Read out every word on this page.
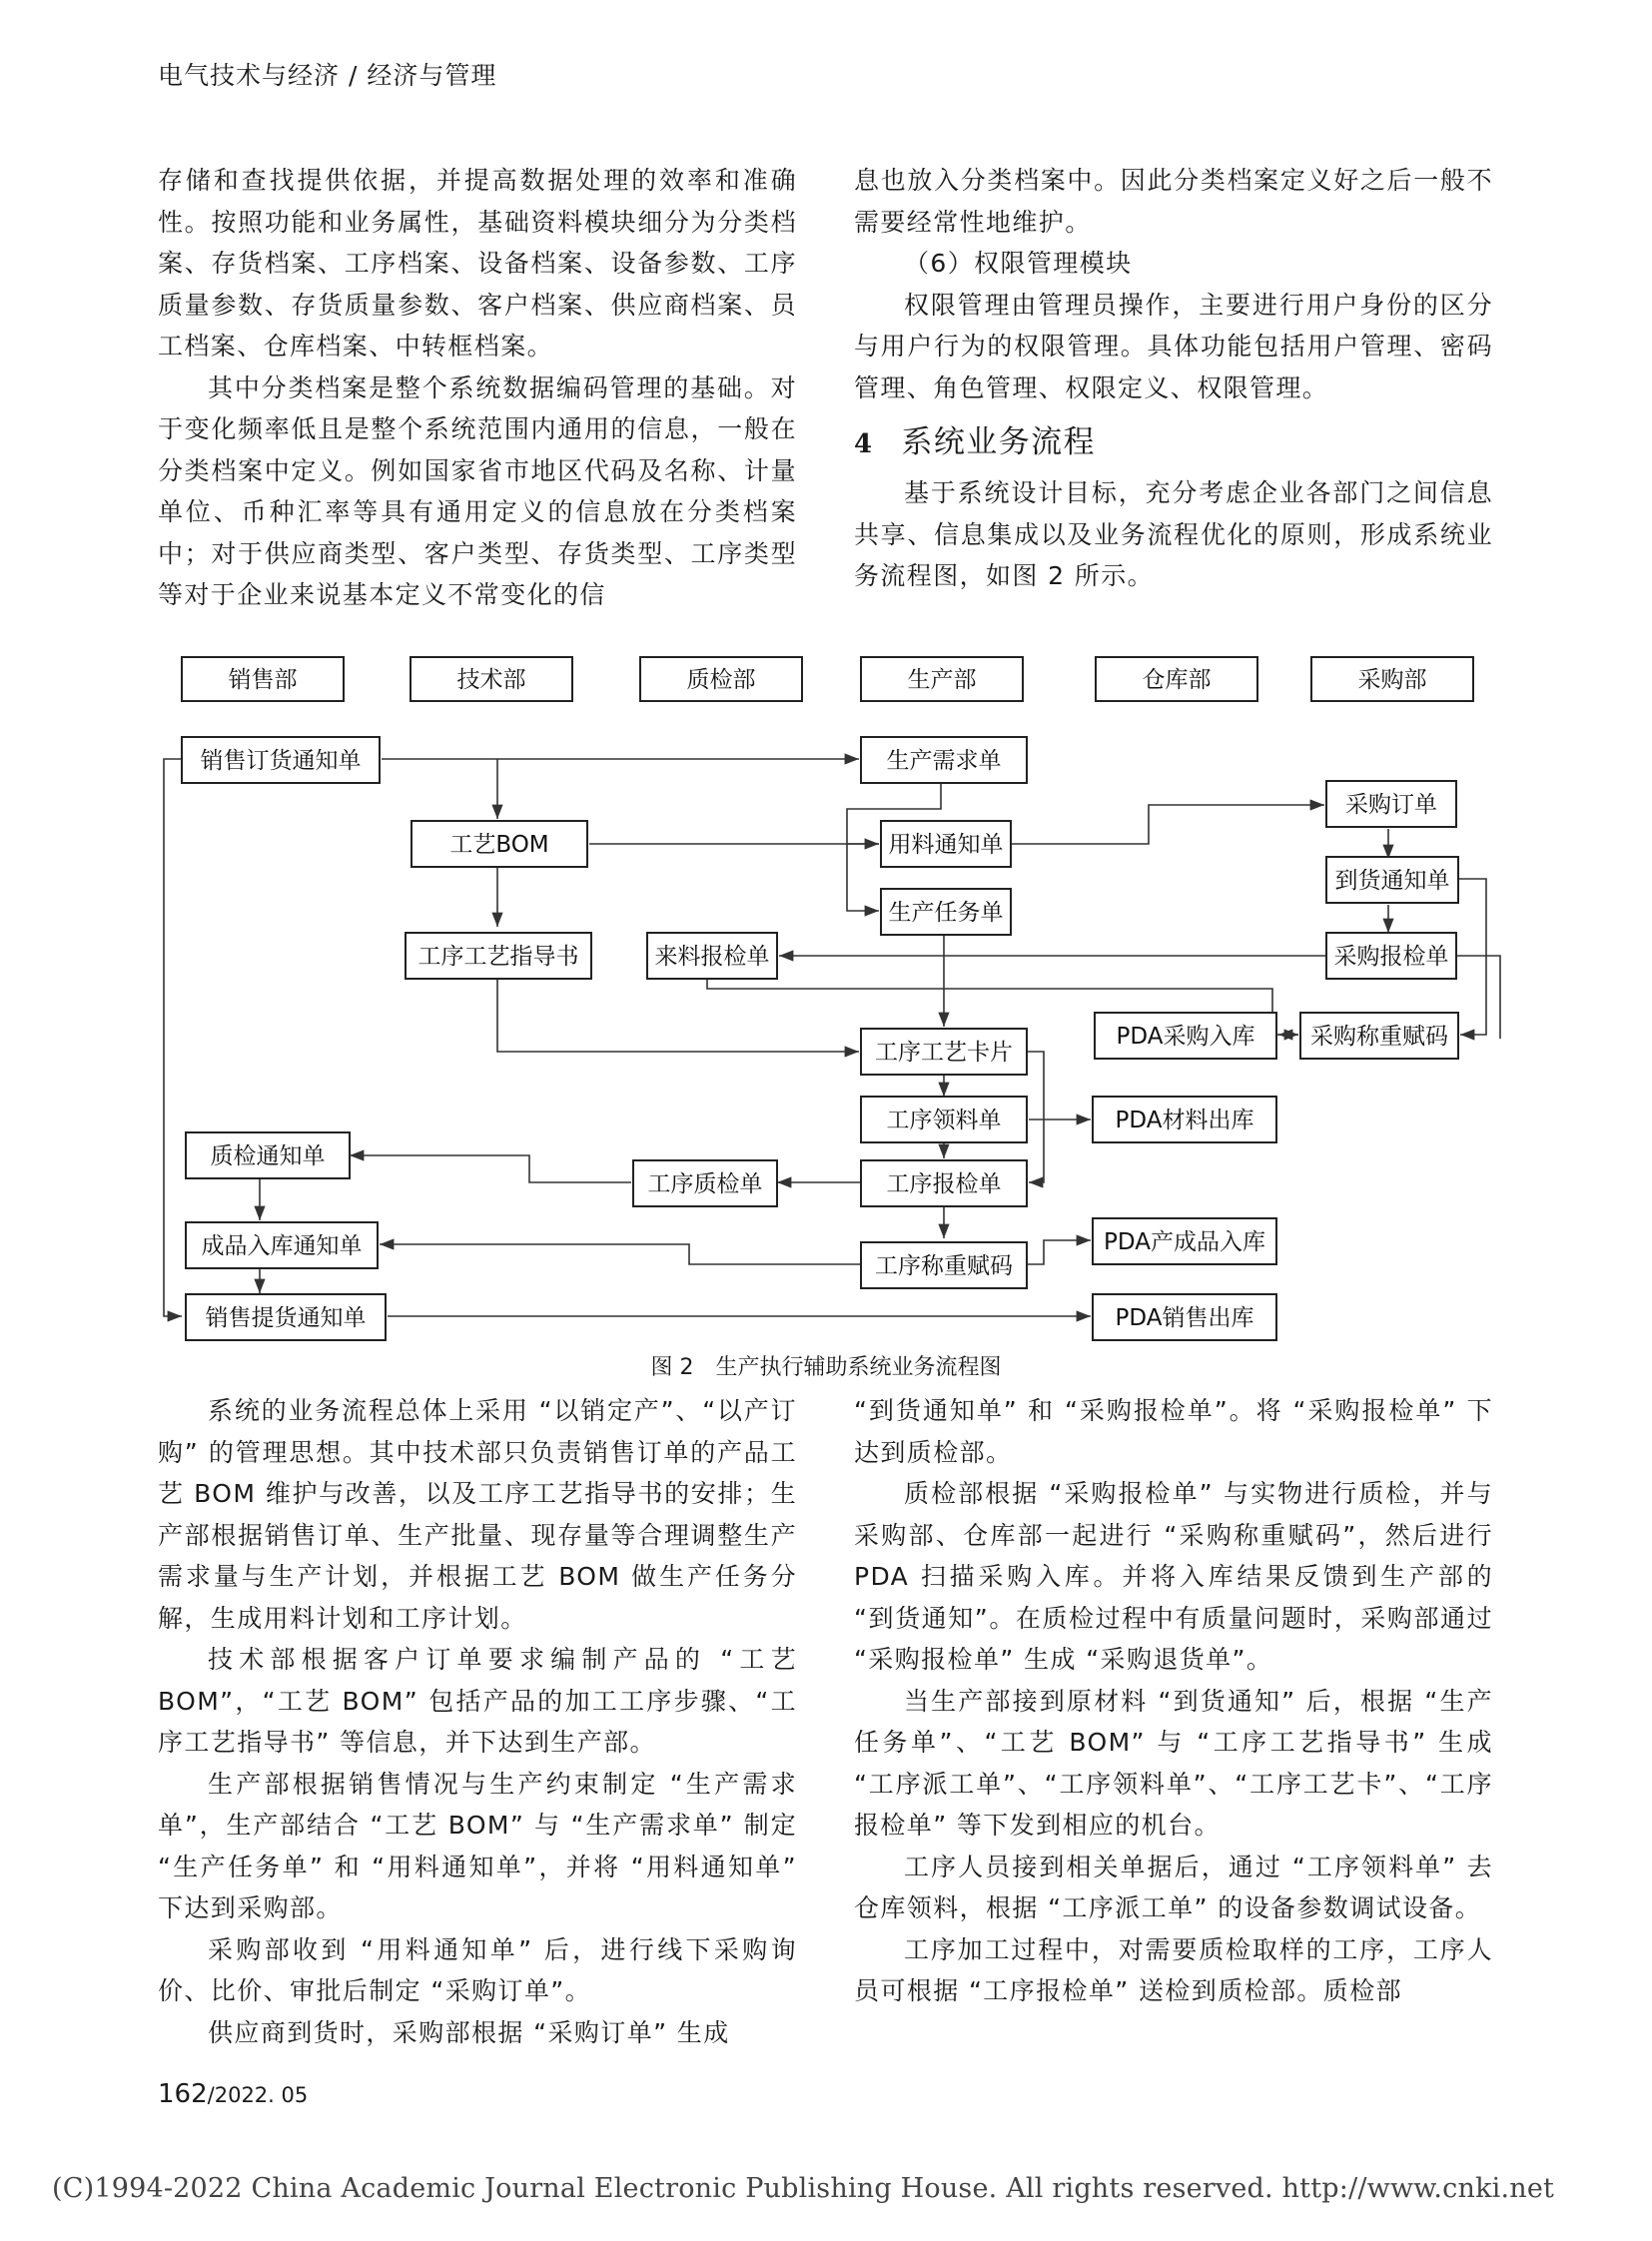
电气技术与经济 / 经济与管理

存储和查找提供依据，并提高数据处理的效率和准确性。按照功能和业务属性，基础资料模块细分为分类档案、存货档案、工序档案、设备档案、设备参数、工序质量参数、存货质量参数、客户档案、供应商档案、员工档案、仓库档案、中转框档案。

其中分类档案是整个系统数据编码管理的基础。对于变化频率低且是整个系统范围内通用的信息，一般在分类档案中定义。例如国家省市地区代码及名称、计量单位、币种汇率等具有通用定义的信息放在分类档案中；对于供应商类型、客户类型、存货类型、工序类型等对于企业来说基本定义不常变化的信

息也放入分类档案中。因此分类档案定义好之后一般不需要经常性地维护。

（6）权限管理模块

权限管理由管理员操作，主要进行用户身份的区分与用户行为的权限管理。具体功能包括用户管理、密码管理、角色管理、权限定义、权限管理。

4 系统业务流程

基于系统设计目标，充分考虑企业各部门之间信息共享、信息集成以及业务流程优化的原则，形成系统业务流程图，如图 2 所示。

销售部	技术部	质检部	生产部	仓库部	采购部
销售订货通知单	生产需求单
工艺BOM	用料通知单
采购订单
到货通知单
生产任务单
工序工艺指导书	来料报检单	采购报检单
PDA采购入库 采购称重赋码
工序工艺卡片
工序领料单	PDA材料出库
质检通知单
工序质检单	工序报检单
成品入库通知单
工序称重赋码
PDA产成品入库
销售提货通知单	PDA销售出库
图 2　生产执行辅助系统业务流程图

系统的业务流程总体上采用 “以销定产”、“以产订购” 的管理思想。其中技术部只负责销售订单的产品工艺 BOM 维护与改善，以及工序工艺指导书的安排；生产部根据销售订单、生产批量、现存量等合理调整生产需求量与生产计划，并根据工艺 BOM 做生产任务分解，生成用料计划和工序计划。

技术部根据客户订单要求编制产品的 “工艺 BOM”，“工艺 BOM” 包括产品的加工工序步骤、“工序工艺指导书” 等信息，并下达到生产部。

生产部根据销售情况与生产约束制定 “生产需求单”，生产部结合 “工艺 BOM” 与 “生产需求单” 制定 “生产任务单” 和 “用料通知单”，并将 “用料通知单” 下达到采购部。

采购部收到 “用料通知单” 后，进行线下采购询价、比价、审批后制定 “采购订单”。

供应商到货时，采购部根据 “采购订单” 生成

“到货通知单” 和 “采购报检单”。将 “采购报检单” 下达到质检部。

质检部根据 “采购报检单” 与实物进行质检，并与采购部、仓库部一起进行 “采购称重赋码”，然后进行 PDA 扫描采购入库。并将入库结果反馈到生产部的 “到货通知”。在质检过程中有质量问题时，采购部通过 “采购报检单” 生成 “采购退货单”。

当生产部接到原材料 “到货通知” 后，根据 “生产任务单”、“工艺 BOM” 与 “工序工艺指导书” 生成 “工序派工单”、“工序领料单”、“工序工艺卡”、“工序报检单” 等下发到相应的机台。

工序人员接到相关单据后，通过 “工序领料单” 去仓库领料，根据 “工序派工单” 的设备参数调试设备。

工序加工过程中，对需要质检取样的工序，工序人员可根据 “工序报检单” 送检到质检部。质检部

162/2022. 05
(C)1994-2022 China Academic Journal Electronic Publishing House. All rights reserved. http://www.cnki.net
